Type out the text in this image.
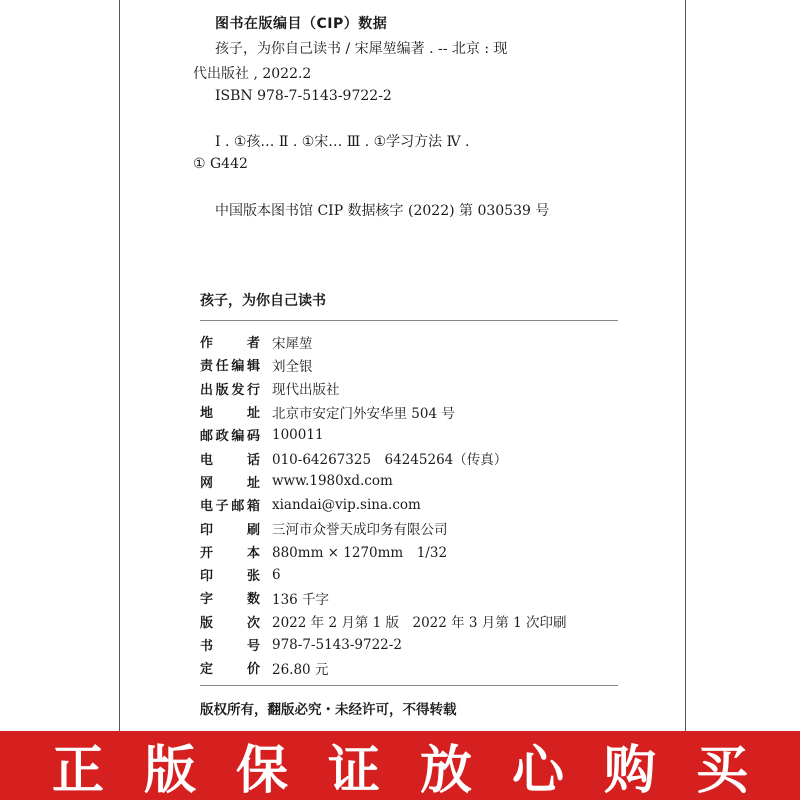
图书在版编目（CIP）数据
孩子，为你自己读书 / 宋犀堃编著 . -- 北京 : 现
代出版社 , 2022.2
ISBN 978-7-5143-9722-2
Ⅰ . ①孩… Ⅱ . ①宋… Ⅲ . ①学习方法 Ⅳ .
① G442
中国版本图书馆 CIP 数据核字 (2022) 第 030539 号
孩子，为你自己读书
作者 宋犀堃
责任编辑 刘全银
出版发行 现代出版社
地址 北京市安定门外安华里 504 号
邮政编码 100011
电话 010-64267325　64245264（传真）
网址 www.1980xd.com
电子邮箱 xiandai@vip.sina.com
印刷 三河市众誉天成印务有限公司
开本 880mm × 1270mm　1/32
印张 6
字数 136 千字
版次 2022 年 2 月第 1 版　2022 年 3 月第 1 次印刷
书号 978-7-5143-9722-2
定价 26.80 元
版权所有，翻版必究・未经许可，不得转载
正版保证放心购买
